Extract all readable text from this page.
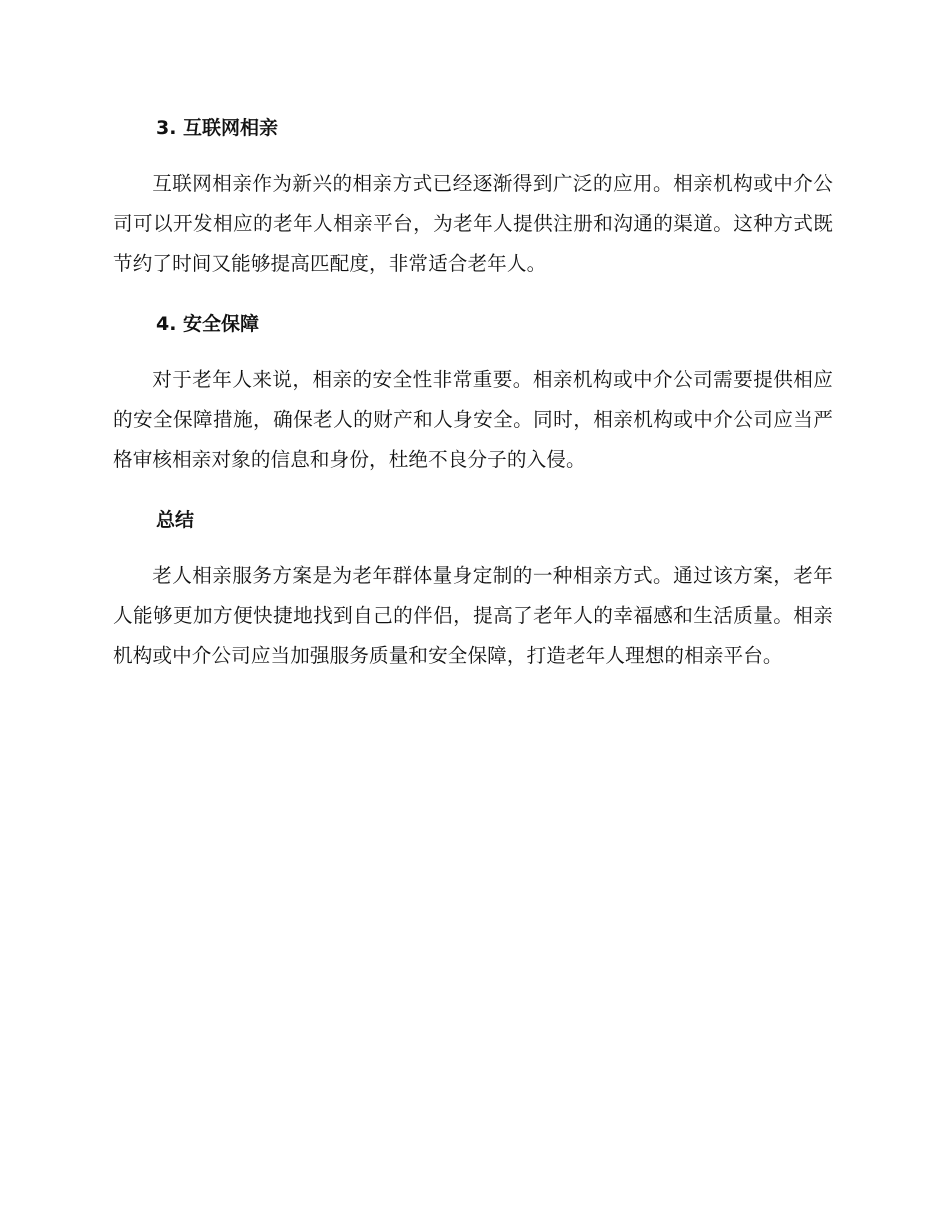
3. 互联网相亲

互联网相亲作为新兴的相亲方式已经逐渐得到广泛的应用。相亲机构或中介公司可以开发相应的老年人相亲平台，为老年人提供注册和沟通的渠道。这种方式既节约了时间又能够提高匹配度，非常适合老年人。

4. 安全保障

对于老年人来说，相亲的安全性非常重要。相亲机构或中介公司需要提供相应的安全保障措施，确保老人的财产和人身安全。同时，相亲机构或中介公司应当严格审核相亲对象的信息和身份，杜绝不良分子的入侵。

总结

老人相亲服务方案是为老年群体量身定制的一种相亲方式。通过该方案，老年人能够更加方便快捷地找到自己的伴侣，提高了老年人的幸福感和生活质量。相亲机构或中介公司应当加强服务质量和安全保障，打造老年人理想的相亲平台。
